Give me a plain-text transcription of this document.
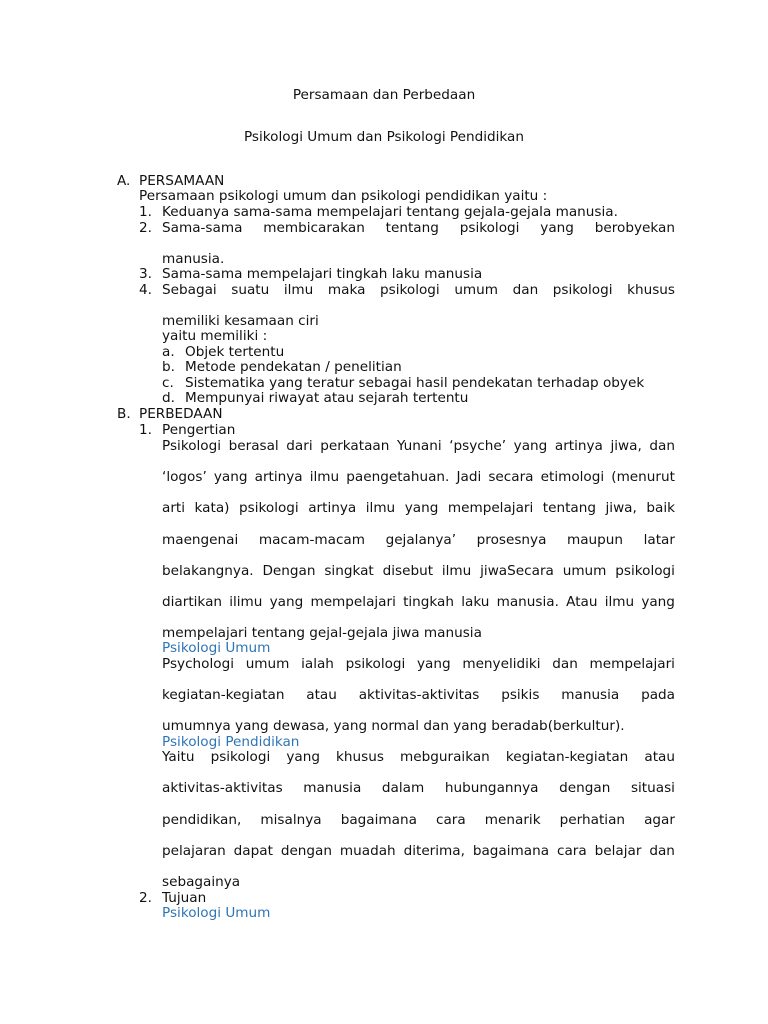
Persamaan dan Perbedaan
Psikologi Umum dan Psikologi Pendidikan
A. PERSAMAAN
Persamaan psikologi umum dan psikologi pendidikan yaitu :
1. Keduanya sama-sama mempelajari tentang gejala-gejala manusia.
2. Sama-sama membicarakan tentang psikologi yang berobyekan
manusia.
3. Sama-sama mempelajari tingkah laku manusia
4. Sebagai suatu ilmu maka psikologi umum dan psikologi khusus
memiliki kesamaan ciri
yaitu memiliki :
a. Objek tertentu
b. Metode pendekatan / penelitian
c. Sistematika yang teratur sebagai hasil pendekatan terhadap obyek
d. Mempunyai riwayat atau sejarah tertentu
B. PERBEDAAN
1. Pengertian
Psikologi berasal dari perkataan Yunani ‘psyche’ yang artinya jiwa, dan
‘logos’ yang artinya ilmu paengetahuan. Jadi secara etimologi (menurut
arti kata) psikologi artinya ilmu yang mempelajari tentang jiwa, baik
maengenai macam-macam gejalanya’ prosesnya maupun latar
belakangnya. Dengan singkat disebut ilmu jiwaSecara umum psikologi
diartikan ilimu yang mempelajari tingkah laku manusia. Atau ilmu yang
mempelajari tentang gejal-gejala jiwa manusia
Psikologi Umum
Psychologi umum ialah psikologi yang menyelidiki dan mempelajari
kegiatan-kegiatan atau aktivitas-aktivitas psikis manusia pada
umumnya yang dewasa, yang normal dan yang beradab(berkultur).
Psikologi Pendidikan
Yaitu psikologi yang khusus mebguraikan kegiatan-kegiatan atau
aktivitas-aktivitas manusia dalam hubungannya dengan situasi
pendidikan, misalnya bagaimana cara menarik perhatian agar
pelajaran dapat dengan muadah diterima, bagaimana cara belajar dan
sebagainya
2. Tujuan
Psikologi Umum
